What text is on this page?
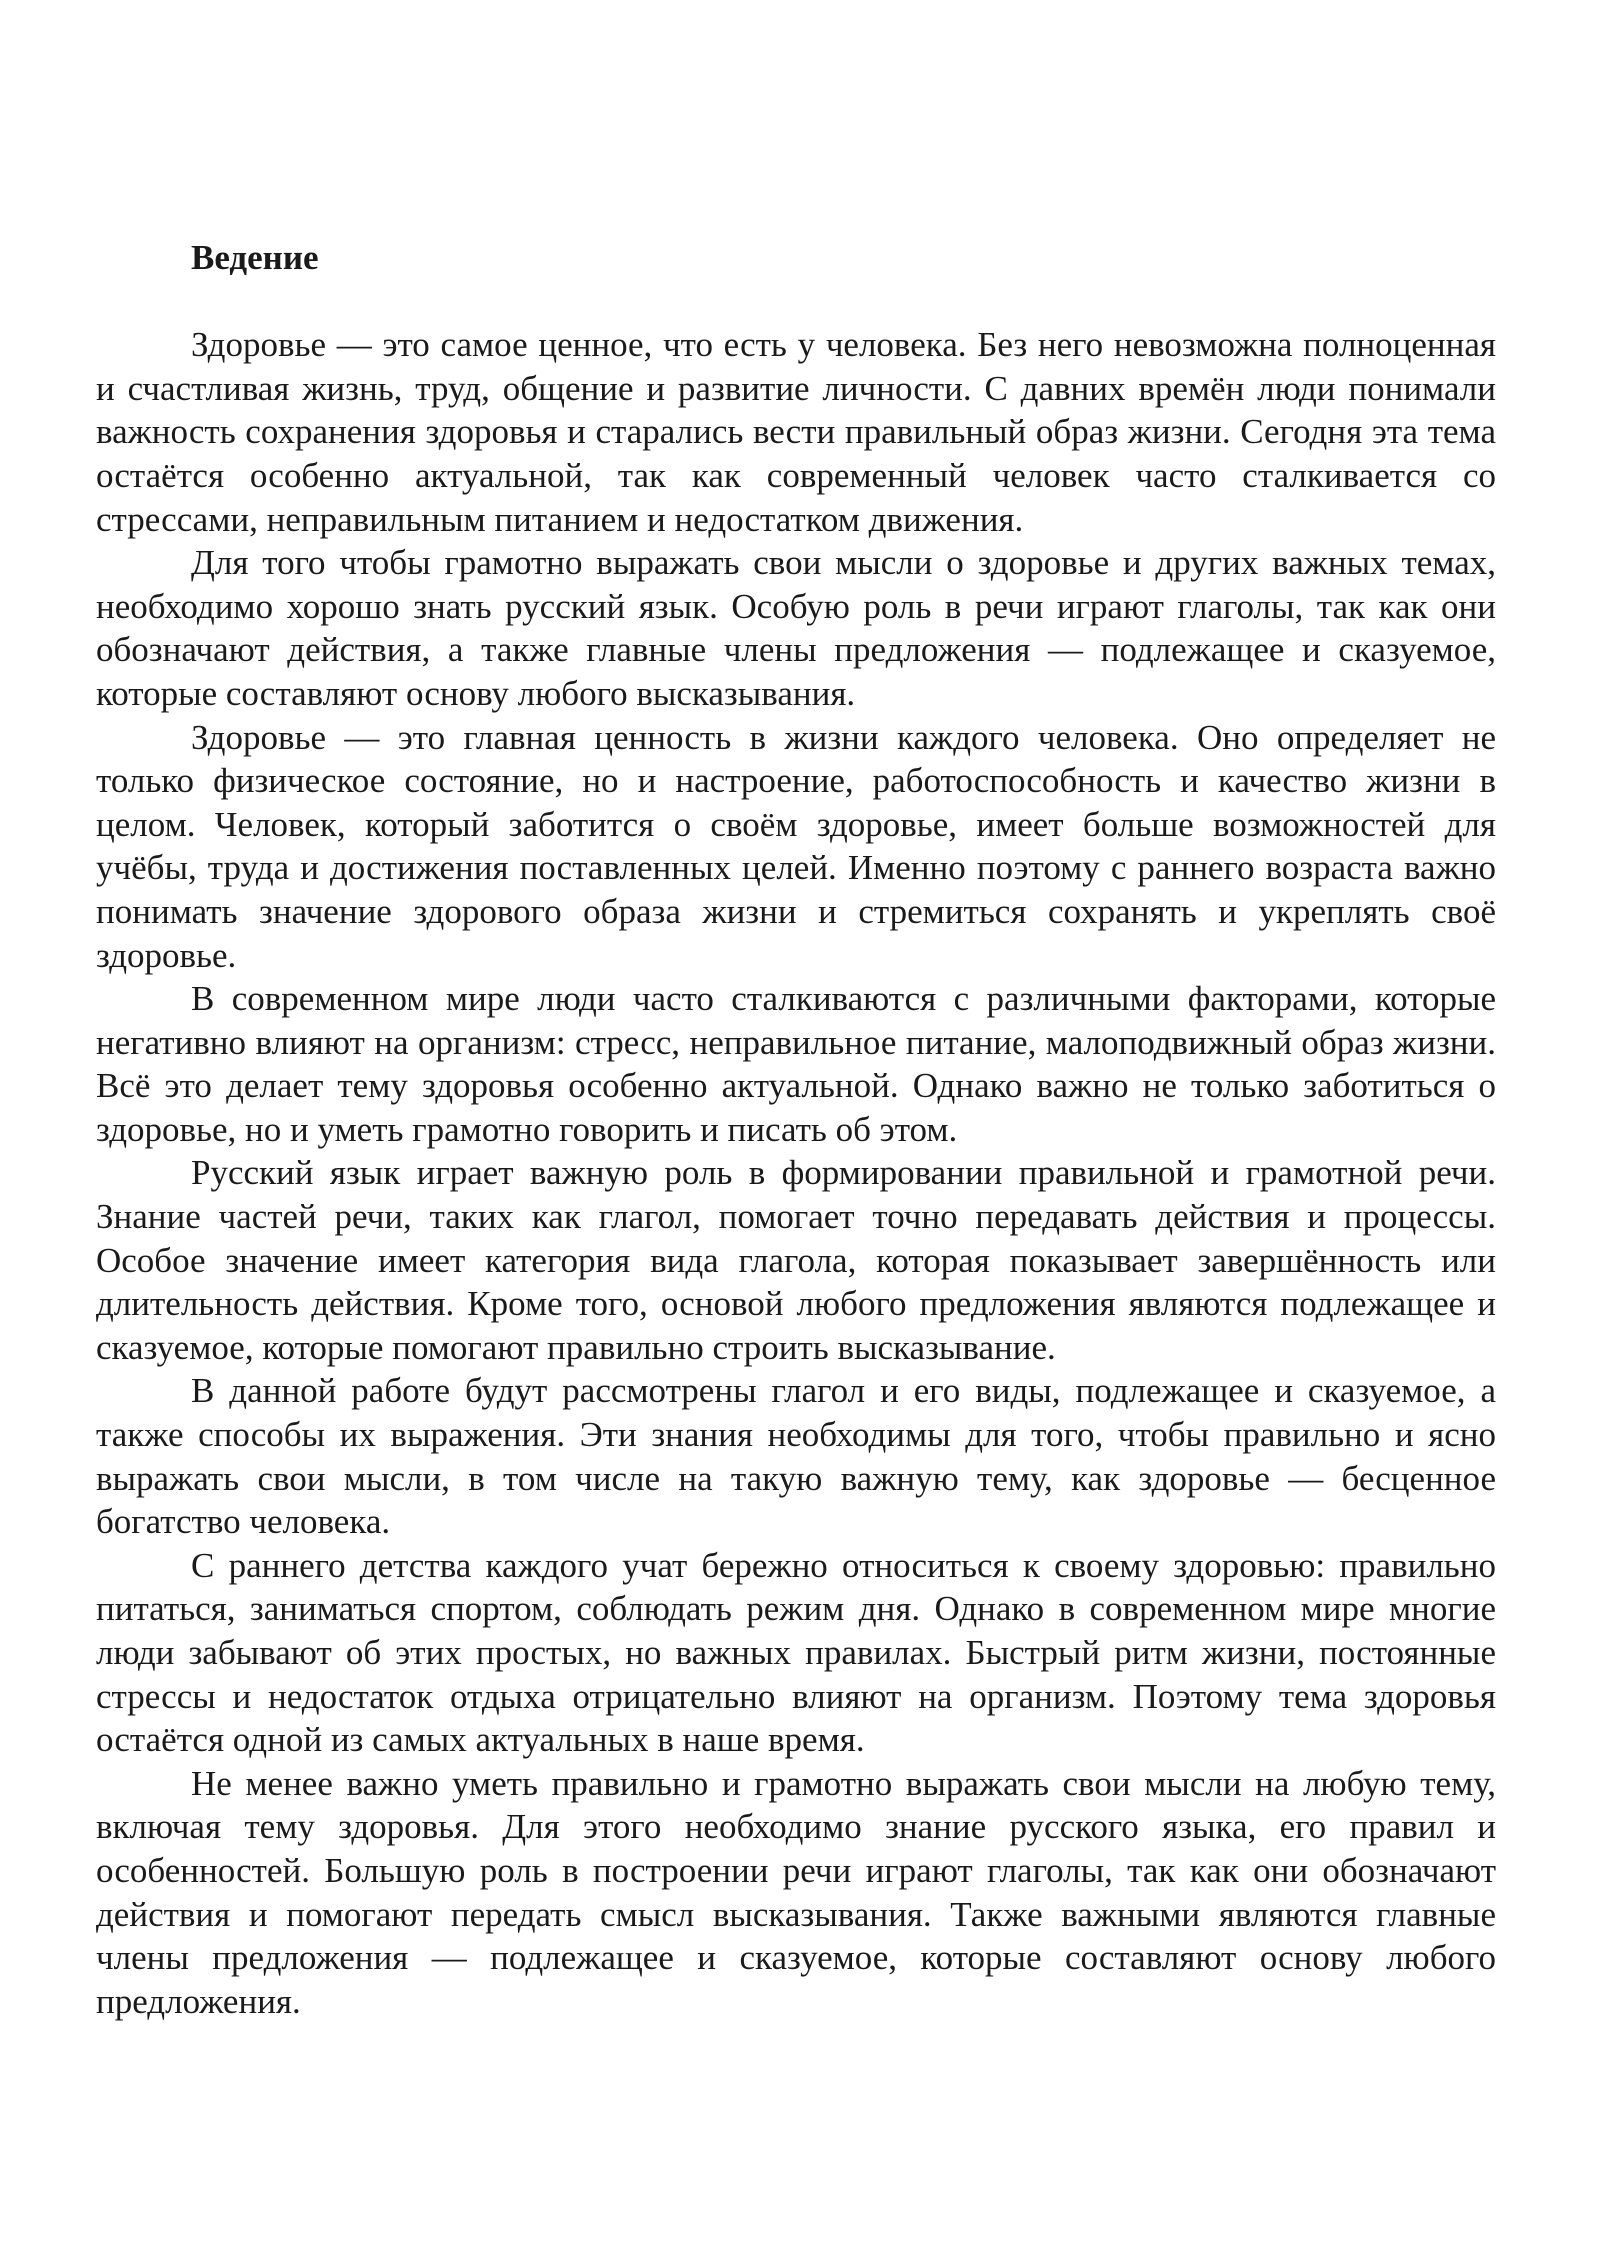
Ведение

Здоровье — это самое ценное, что есть у человека. Без него невозможна полноценная и счастливая жизнь, труд, общение и развитие личности. С давних времён люди понимали важность сохранения здоровья и старались вести правильный образ жизни. Сегодня эта тема остаётся особенно актуальной, так как современный человек часто сталкивается со стрессами, неправильным питанием и недостатком движения.

Для того чтобы грамотно выражать свои мысли о здоровье и других важных темах, необходимо хорошо знать русский язык. Особую роль в речи играют глаголы, так как они обозначают действия, а также главные члены предложения — подлежащее и сказуемое, которые составляют основу любого высказывания.

Здоровье — это главная ценность в жизни каждого человека. Оно определяет не только физическое состояние, но и настроение, работоспособность и качество жизни в целом. Человек, который заботится о своём здоровье, имеет больше возможностей для учёбы, труда и достижения поставленных целей. Именно поэтому с раннего возраста важно понимать значение здорового образа жизни и стремиться сохранять и укреплять своё здоровье.

В современном мире люди часто сталкиваются с различными факторами, которые негативно влияют на организм: стресс, неправильное питание, малоподвижный образ жизни. Всё это делает тему здоровья особенно актуальной. Однако важно не только заботиться о здоровье, но и уметь грамотно говорить и писать об этом.

Русский язык играет важную роль в формировании правильной и грамотной речи. Знание частей речи, таких как глагол, помогает точно передавать действия и процессы. Особое значение имеет категория вида глагола, которая показывает завершённость или длительность действия. Кроме того, основой любого предложения являются подлежащее и сказуемое, которые помогают правильно строить высказывание.

В данной работе будут рассмотрены глагол и его виды, подлежащее и сказуемое, а также способы их выражения. Эти знания необходимы для того, чтобы правильно и ясно выражать свои мысли, в том числе на такую важную тему, как здоровье — бесценное богатство человека.

С раннего детства каждого учат бережно относиться к своему здоровью: правильно питаться, заниматься спортом, соблюдать режим дня. Однако в современном мире многие люди забывают об этих простых, но важных правилах. Быстрый ритм жизни, постоянные стрессы и недостаток отдыха отрицательно влияют на организм. Поэтому тема здоровья остаётся одной из самых актуальных в наше время.

Не менее важно уметь правильно и грамотно выражать свои мысли на любую тему, включая тему здоровья. Для этого необходимо знание русского языка, его правил и особенностей. Большую роль в построении речи играют глаголы, так как они обозначают действия и помогают передать смысл высказывания. Также важными являются главные члены предложения — подлежащее и сказуемое, которые составляют основу любого предложения.
